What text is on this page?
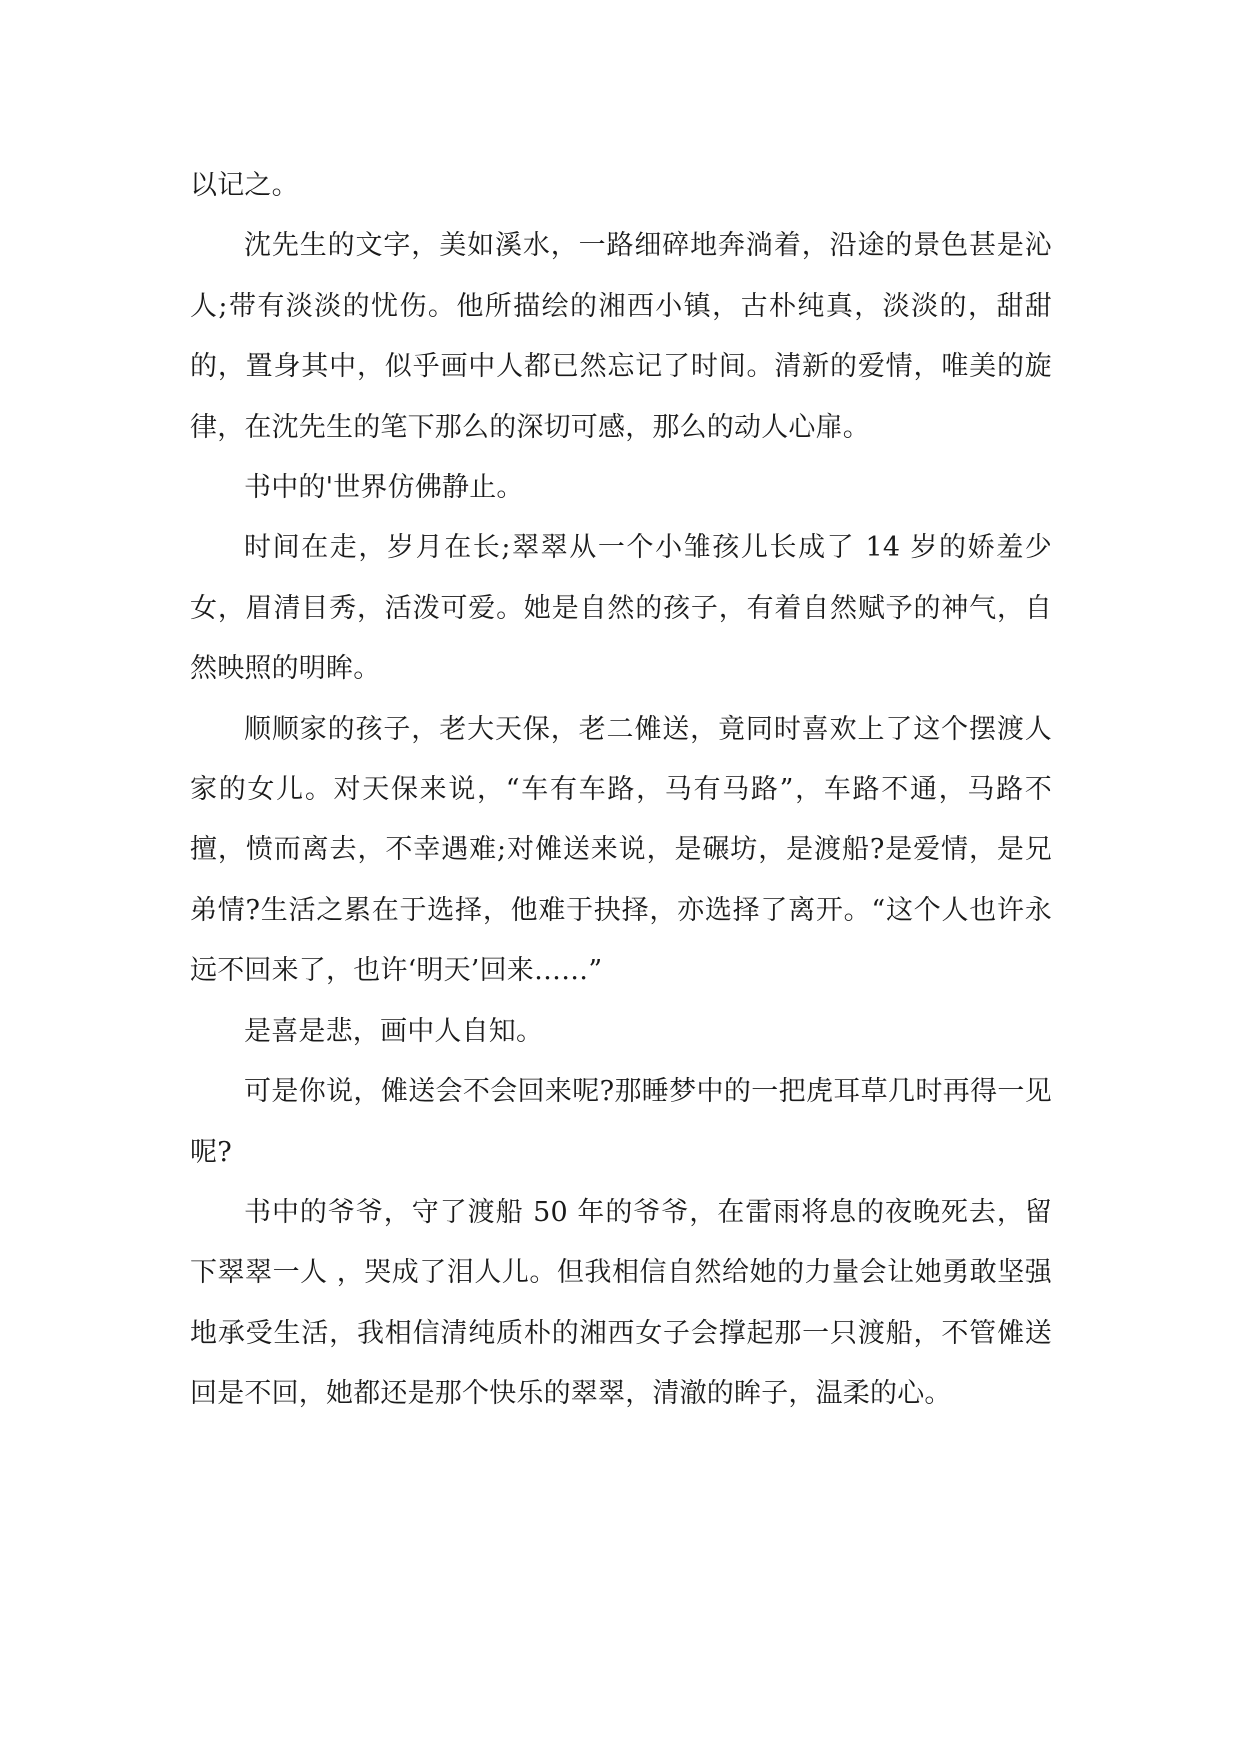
以记之。

沈先生的文字，美如溪水，一路细碎地奔淌着，沿途的景色甚是沁人;带有淡淡的忧伤。他所描绘的湘西小镇，古朴纯真，淡淡的，甜甜的，置身其中，似乎画中人都已然忘记了时间。清新的爱情，唯美的旋律，在沈先生的笔下那么的深切可感，那么的动人心扉。

书中的'世界仿佛静止。

时间在走，岁月在长;翠翠从一个小雏孩儿长成了 14 岁的娇羞少女，眉清目秀，活泼可爱。她是自然的孩子，有着自然赋予的神气，自然映照的明眸。

顺顺家的孩子，老大天保，老二傩送，竟同时喜欢上了这个摆渡人家的女儿。对天保来说，“车有车路，马有马路”，车路不通，马路不擅，愤而离去，不幸遇难;对傩送来说，是碾坊，是渡船?是爱情，是兄弟情?生活之累在于选择，他难于抉择，亦选择了离开。“这个人也许永远不回来了，也许‘明天’回来……”

是喜是悲，画中人自知。

可是你说，傩送会不会回来呢?那睡梦中的一把虎耳草几时再得一见呢?

书中的爷爷，守了渡船 50 年的爷爷，在雷雨将息的夜晚死去，留下翠翠一人 ，哭成了泪人儿。但我相信自然给她的力量会让她勇敢坚强地承受生活，我相信清纯质朴的湘西女子会撑起那一只渡船，不管傩送回是不回，她都还是那个快乐的翠翠，清澈的眸子，温柔的心。
